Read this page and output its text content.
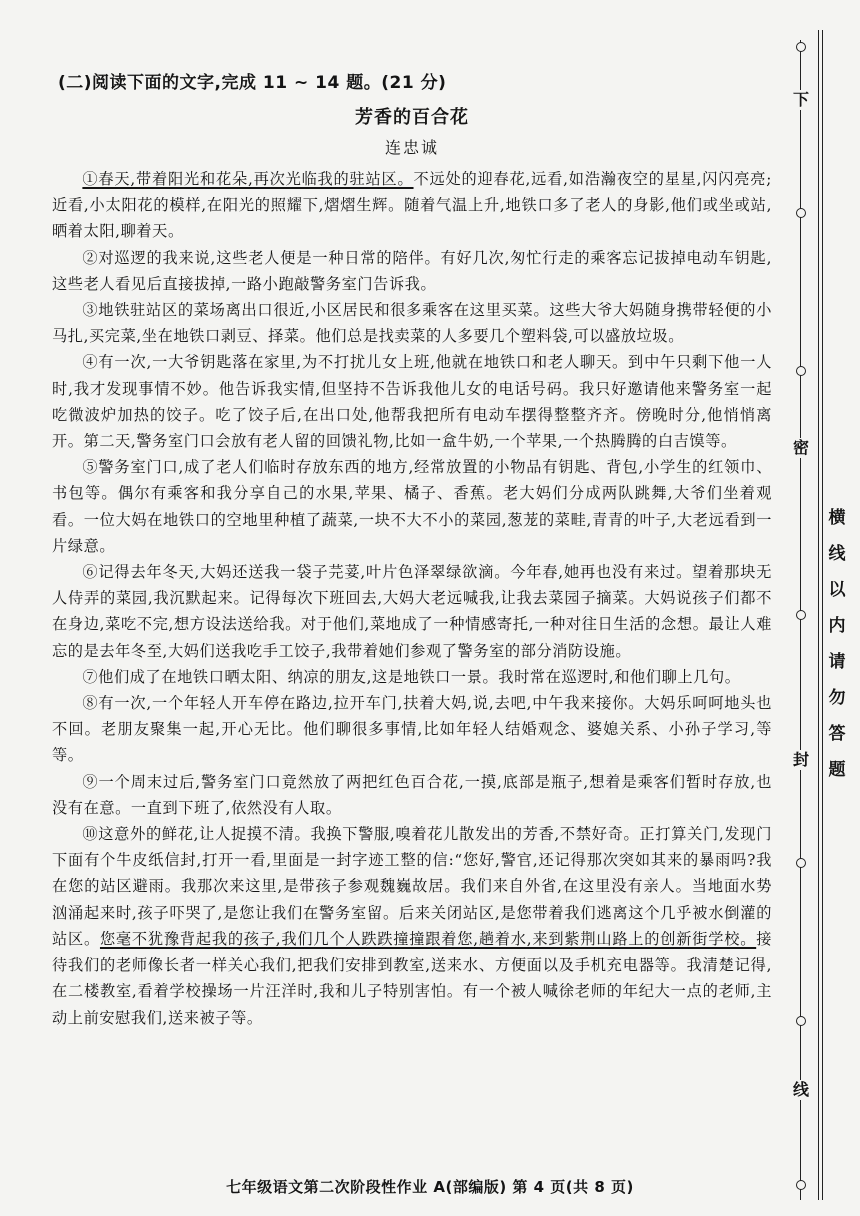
(二)阅读下面的文字,完成 11 ~ 14 题。(21 分)
芳香的百合花
连忠诚

①春天,带着阳光和花朵,再次光临我的驻站区。不远处的迎春花,远看,如浩瀚夜空的星星,闪闪亮亮;近看,小太阳花的模样,在阳光的照耀下,熠熠生辉。随着气温上升,地铁口多了老人的身影,他们或坐或站,晒着太阳,聊着天。

②对巡逻的我来说,这些老人便是一种日常的陪伴。有好几次,匆忙行走的乘客忘记拔掉电动车钥匙,这些老人看见后直接拔掉,一路小跑敲警务室门告诉我。

③地铁驻站区的菜场离出口很近,小区居民和很多乘客在这里买菜。这些大爷大妈随身携带轻便的小马扎,买完菜,坐在地铁口剥豆、择菜。他们总是找卖菜的人多要几个塑料袋,可以盛放垃圾。

④有一次,一大爷钥匙落在家里,为不打扰儿女上班,他就在地铁口和老人聊天。到中午只剩下他一人时,我才发现事情不妙。他告诉我实情,但坚持不告诉我他儿女的电话号码。我只好邀请他来警务室一起吃微波炉加热的饺子。吃了饺子后,在出口处,他帮我把所有电动车摆得整整齐齐。傍晚时分,他悄悄离开。第二天,警务室门口会放有老人留的回馈礼物,比如一盒牛奶,一个苹果,一个热腾腾的白吉馍等。

⑤警务室门口,成了老人们临时存放东西的地方,经常放置的小物品有钥匙、背包,小学生的红领巾、书包等。偶尔有乘客和我分享自己的水果,苹果、橘子、香蕉。老大妈们分成两队跳舞,大爷们坐着观看。一位大妈在地铁口的空地里种植了蔬菜,一块不大不小的菜园,葱茏的菜畦,青青的叶子,大老远看到一片绿意。

⑥记得去年冬天,大妈还送我一袋子芫荽,叶片色泽翠绿欲滴。今年春,她再也没有来过。望着那块无人侍弄的菜园,我沉默起来。记得每次下班回去,大妈大老远喊我,让我去菜园子摘菜。大妈说孩子们都不在身边,菜吃不完,想方设法送给我。对于他们,菜地成了一种情感寄托,一种对往日生活的念想。最让人难忘的是去年冬至,大妈们送我吃手工饺子,我带着她们参观了警务室的部分消防设施。

⑦他们成了在地铁口晒太阳、纳凉的朋友,这是地铁口一景。我时常在巡逻时,和他们聊上几句。

⑧有一次,一个年轻人开车停在路边,拉开车门,扶着大妈,说,去吧,中午我来接你。大妈乐呵呵地头也不回。老朋友聚集一起,开心无比。他们聊很多事情,比如年轻人结婚观念、婆媳关系、小孙子学习,等等。

⑨一个周末过后,警务室门口竟然放了两把红色百合花,一摸,底部是瓶子,想着是乘客们暂时存放,也没有在意。一直到下班了,依然没有人取。

⑩这意外的鲜花,让人捉摸不清。我换下警服,嗅着花儿散发出的芳香,不禁好奇。正打算关门,发现门下面有个牛皮纸信封,打开一看,里面是一封字迹工整的信:“您好,警官,还记得那次突如其来的暴雨吗?我在您的站区避雨。我那次来这里,是带孩子参观魏巍故居。我们来自外省,在这里没有亲人。当地面水势汹涌起来时,孩子吓哭了,是您让我们在警务室留。后来关闭站区,是您带着我们逃离这个几乎被水倒灌的站区。您毫不犹豫背起我的孩子,我们几个人跌跌撞撞跟着您,趟着水,来到紫荆山路上的创新街学校。接待我们的老师像长者一样关心我们,把我们安排到教室,送来水、方便面以及手机充电器等。我清楚记得,在二楼教室,看着学校操场一片汪洋时,我和儿子特别害怕。有一个被人喊徐老师的年纪大一点的老师,主动上前安慰我们,送来被子等。

七年级语文第二次阶段性作业 A(部编版) 第 4 页(共 8 页)
下
密
封
线
横线以内请勿答题
